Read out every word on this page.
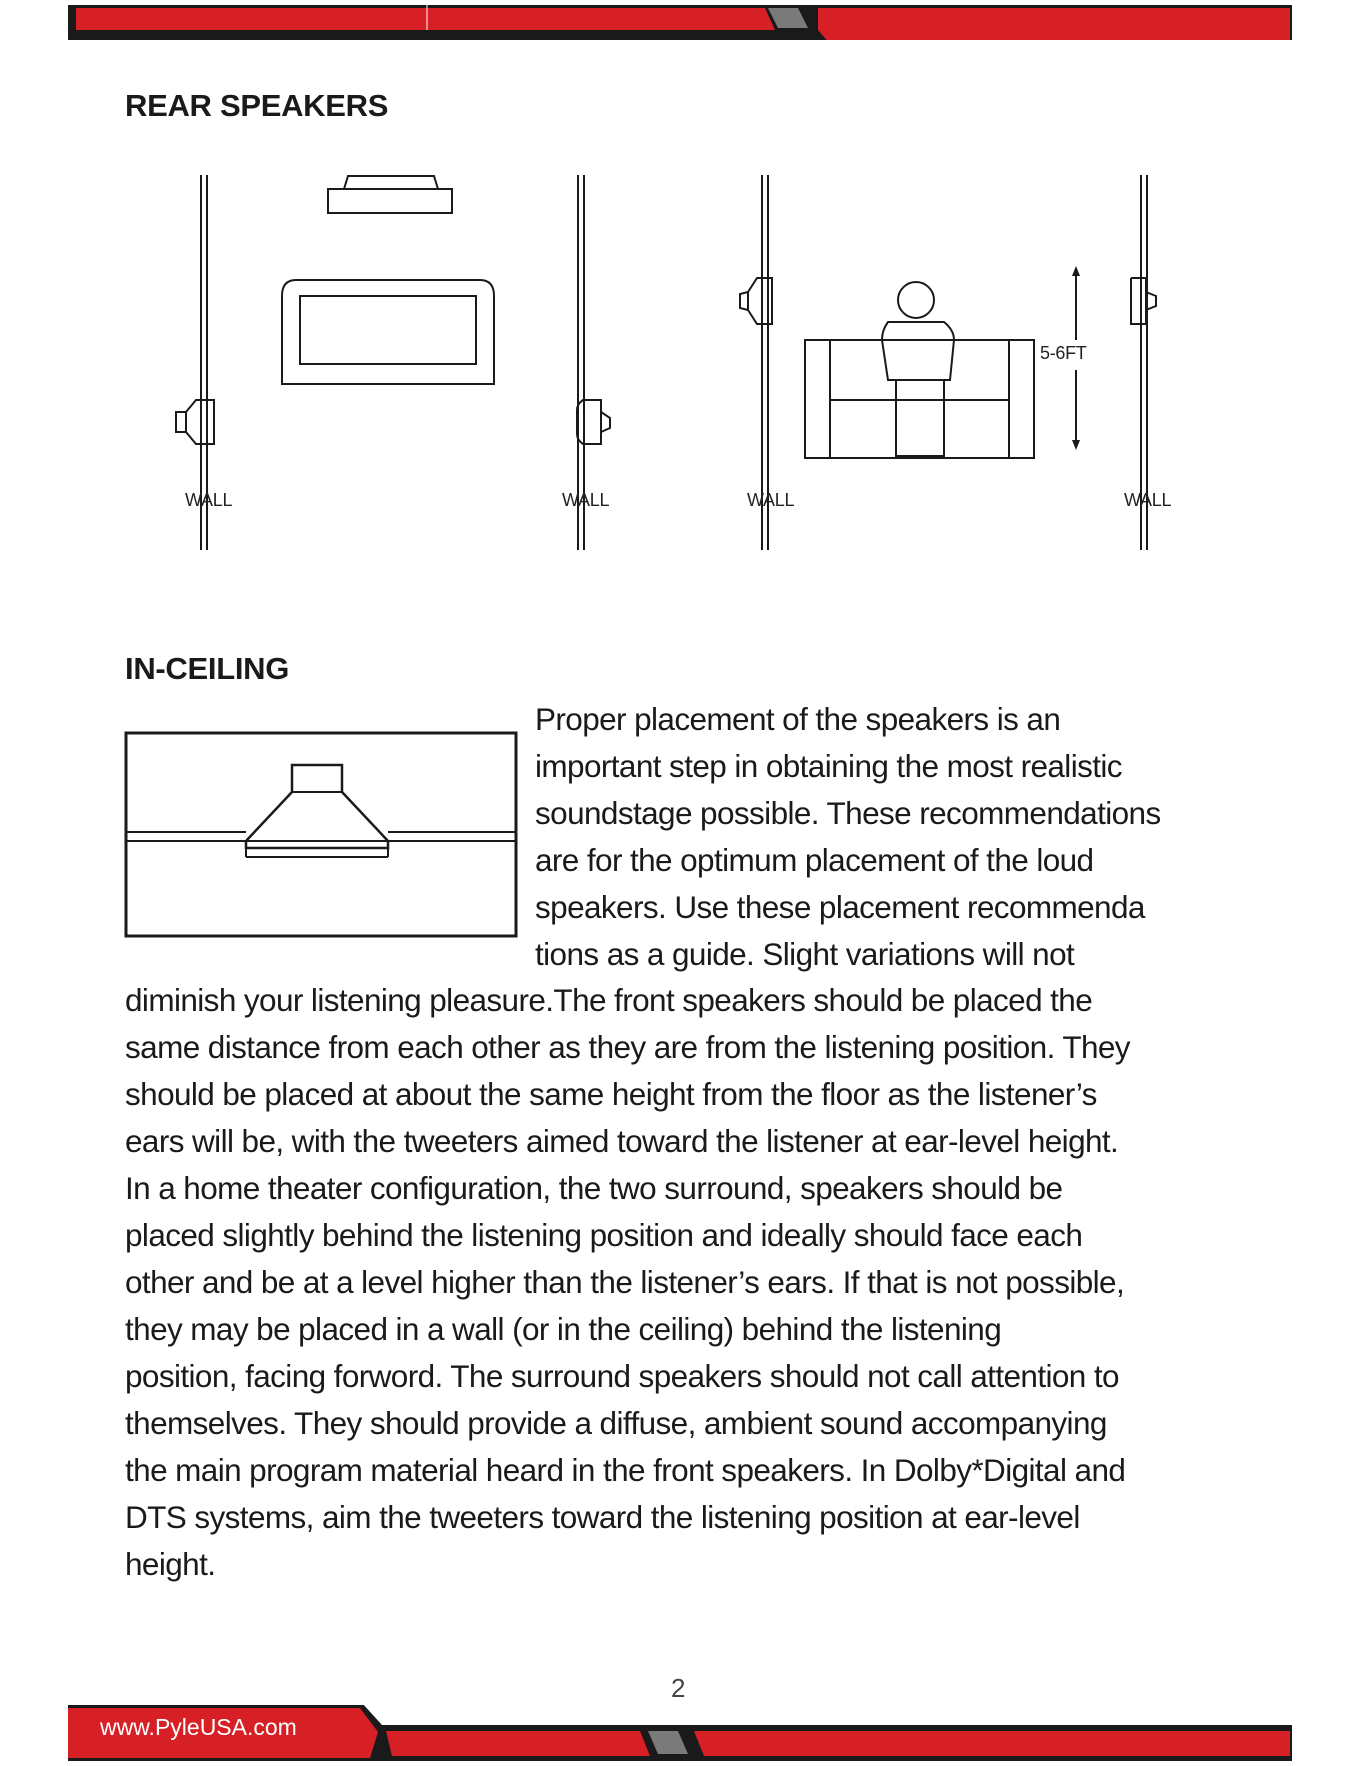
REAR SPEAKERS
WALL	WALL	WALL	WALL
5-6FT
IN-CEILING
Proper placement of the speakers is an
important step in obtaining the most realistic
soundstage possible. These recommendations
are for the optimum placement of the loud
speakers. Use these placement recommenda
tions as a guide. Slight variations will not
diminish your listening pleasure.The front speakers should be placed the
same distance from each other as they are from the listening position. They
should be placed at about the same height from the floor as the listener’s
ears will be, with the tweeters aimed toward the listener at ear-level height.
In a home theater configuration, the two surround, speakers should be
placed slightly behind the listening position and ideally should face each
other and be at a level higher than the listener’s ears. If that is not possible,
they may be placed in a wall (or in the ceiling) behind the listening
position, facing forword. The surround speakers should not call attention to
themselves. They should provide a diffuse, ambient sound accompanying
the main program material heard in the front speakers. In Dolby*Digital and
DTS systems, aim the tweeters toward the listening position at ear-level
height.
2
www.PyleUSA.com
